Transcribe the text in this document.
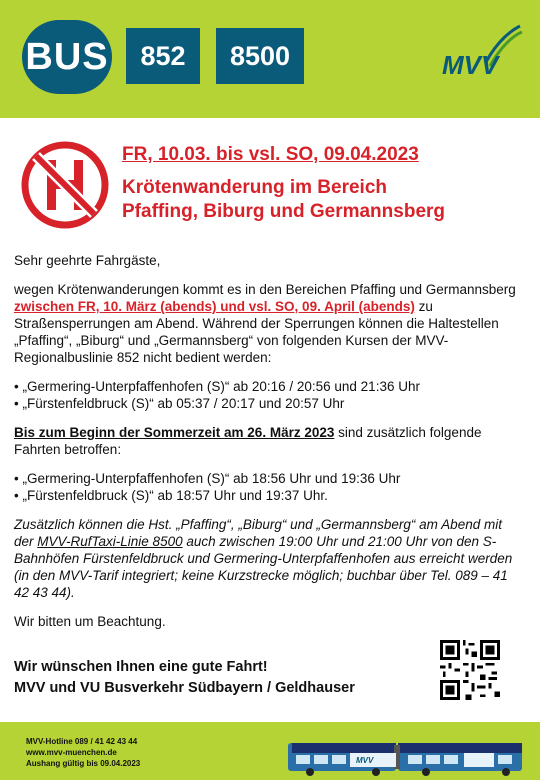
BUS	852	8500	MVV
FR, 10.03. bis vsl. SO, 09.04.2023
Krötenwanderung im Bereich
Pfaffing, Biburg und Germannsberg

Sehr geehrte Fahrgäste,

wegen Krötenwanderungen kommt es in den Bereichen Pfaffing und Germannsberg zwischen FR, 10. März (abends) und vsl. SO, 09. April (abends) zu Straßensperrungen am Abend. Während der Sperrungen können die Haltestellen „Pfaffing“, „Biburg“ und „Germannsberg“ von folgenden Kursen der MVV-Regionalbuslinie 852 nicht bedient werden:

• „Germering-Unterpfaffenhofen (S)“ ab 20:16 / 20:56 und 21:36 Uhr
• „Fürstenfeldbruck (S)“ ab 05:37 / 20:17 und 20:57 Uhr

Bis zum Beginn der Sommerzeit am 26. März 2023 sind zusätzlich folgende Fahrten betroffen:

• „Germering-Unterpfaffenhofen (S)“ ab 18:56 Uhr und 19:36 Uhr
• „Fürstenfeldbruck (S)“ ab 18:57 Uhr und 19:37 Uhr.

Zusätzlich können die Hst. „Pfaffing“, „Biburg“ und „Germannsberg“ am Abend mit der MVV-RufTaxi-Linie 8500 auch zwischen 19:00 Uhr und 21:00 Uhr von den S-Bahnhöfen Fürstenfeldbruck und Germering-Unterpfaffenhofen aus erreicht werden (in den MVV-Tarif integriert; keine Kurzstrecke möglich; buchbar über Tel. 089 – 41 42 43 44).

Wir bitten um Beachtung.

Wir wünschen Ihnen eine gute Fahrt!
MVV und VU Busverkehr Südbayern / Geldhauser
MVV-Hotline 089 / 41 42 43 44
www.mvv-muenchen.de
Aushang gültig bis 09.04.2023	MVV
